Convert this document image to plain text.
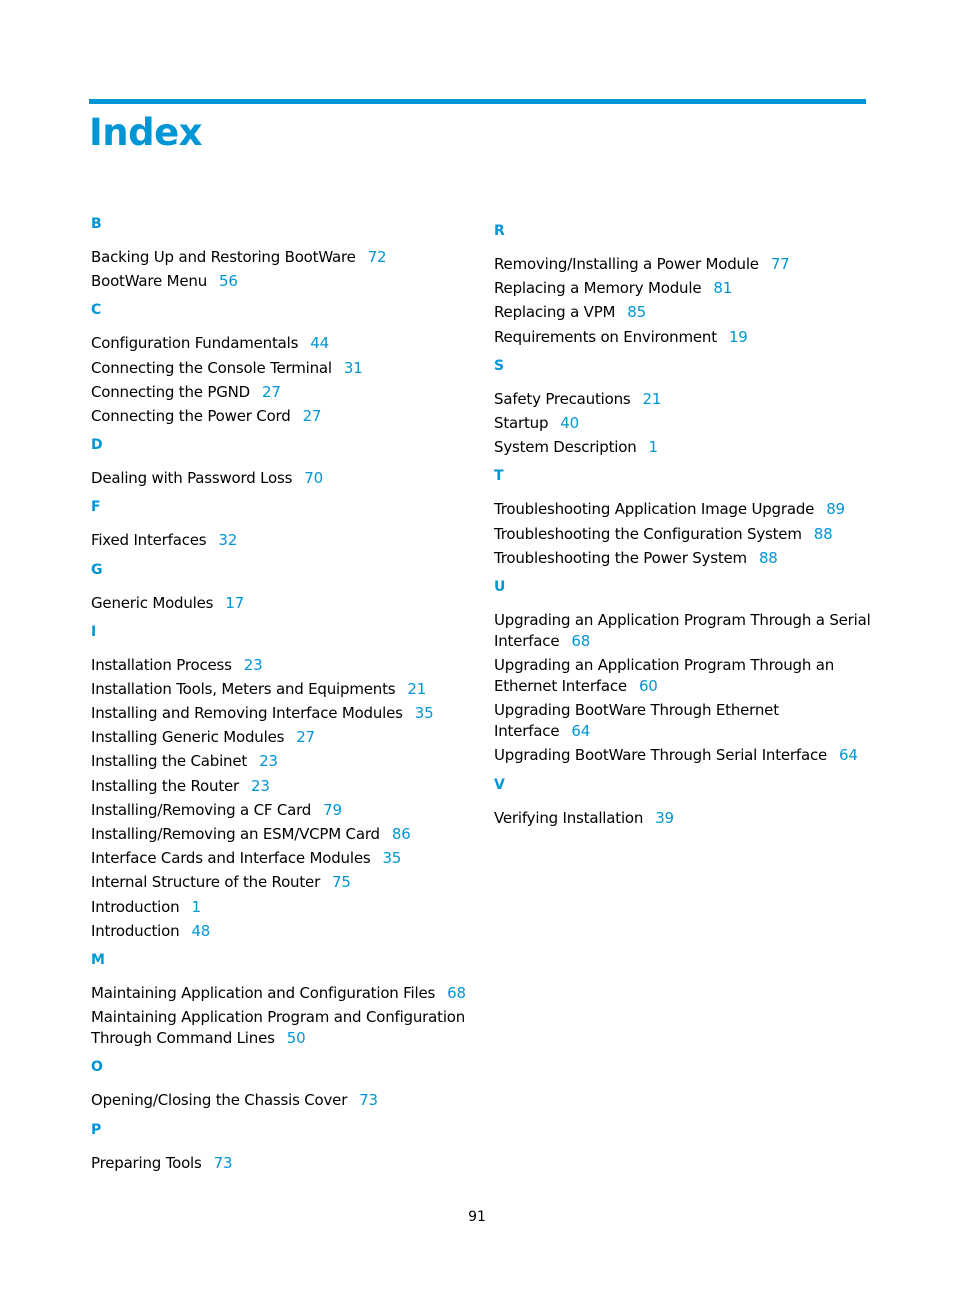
Index
B
Backing Up and Restoring BootWare 72
BootWare Menu 56
C
Configuration Fundamentals 44
Connecting the Console Terminal 31
Connecting the PGND 27
Connecting the Power Cord 27
D
Dealing with Password Loss 70
F
Fixed Interfaces 32
G
Generic Modules 17
I
Installation Process 23
Installation Tools, Meters and Equipments 21
Installing and Removing Interface Modules 35
Installing Generic Modules 27
Installing the Cabinet 23
Installing the Router 23
Installing/Removing a CF Card 79
Installing/Removing an ESM/VCPM Card 86
Interface Cards and Interface Modules 35
Internal Structure of the Router 75
Introduction 1
Introduction 48
M
Maintaining Application and Configuration Files 68
Maintaining Application Program and Configuration Through Command Lines 50
O
Opening/Closing the Chassis Cover 73
P
Preparing Tools 73
R
Removing/Installing a Power Module 77
Replacing a Memory Module 81
Replacing a VPM 85
Requirements on Environment 19
S
Safety Precautions 21
Startup 40
System Description 1
T
Troubleshooting Application Image Upgrade 89
Troubleshooting the Configuration System 88
Troubleshooting the Power System 88
U
Upgrading an Application Program Through a Serial Interface 68
Upgrading an Application Program Through an Ethernet Interface 60
Upgrading BootWare Through Ethernet Interface 64
Upgrading BootWare Through Serial Interface 64
V
Verifying Installation 39
91
